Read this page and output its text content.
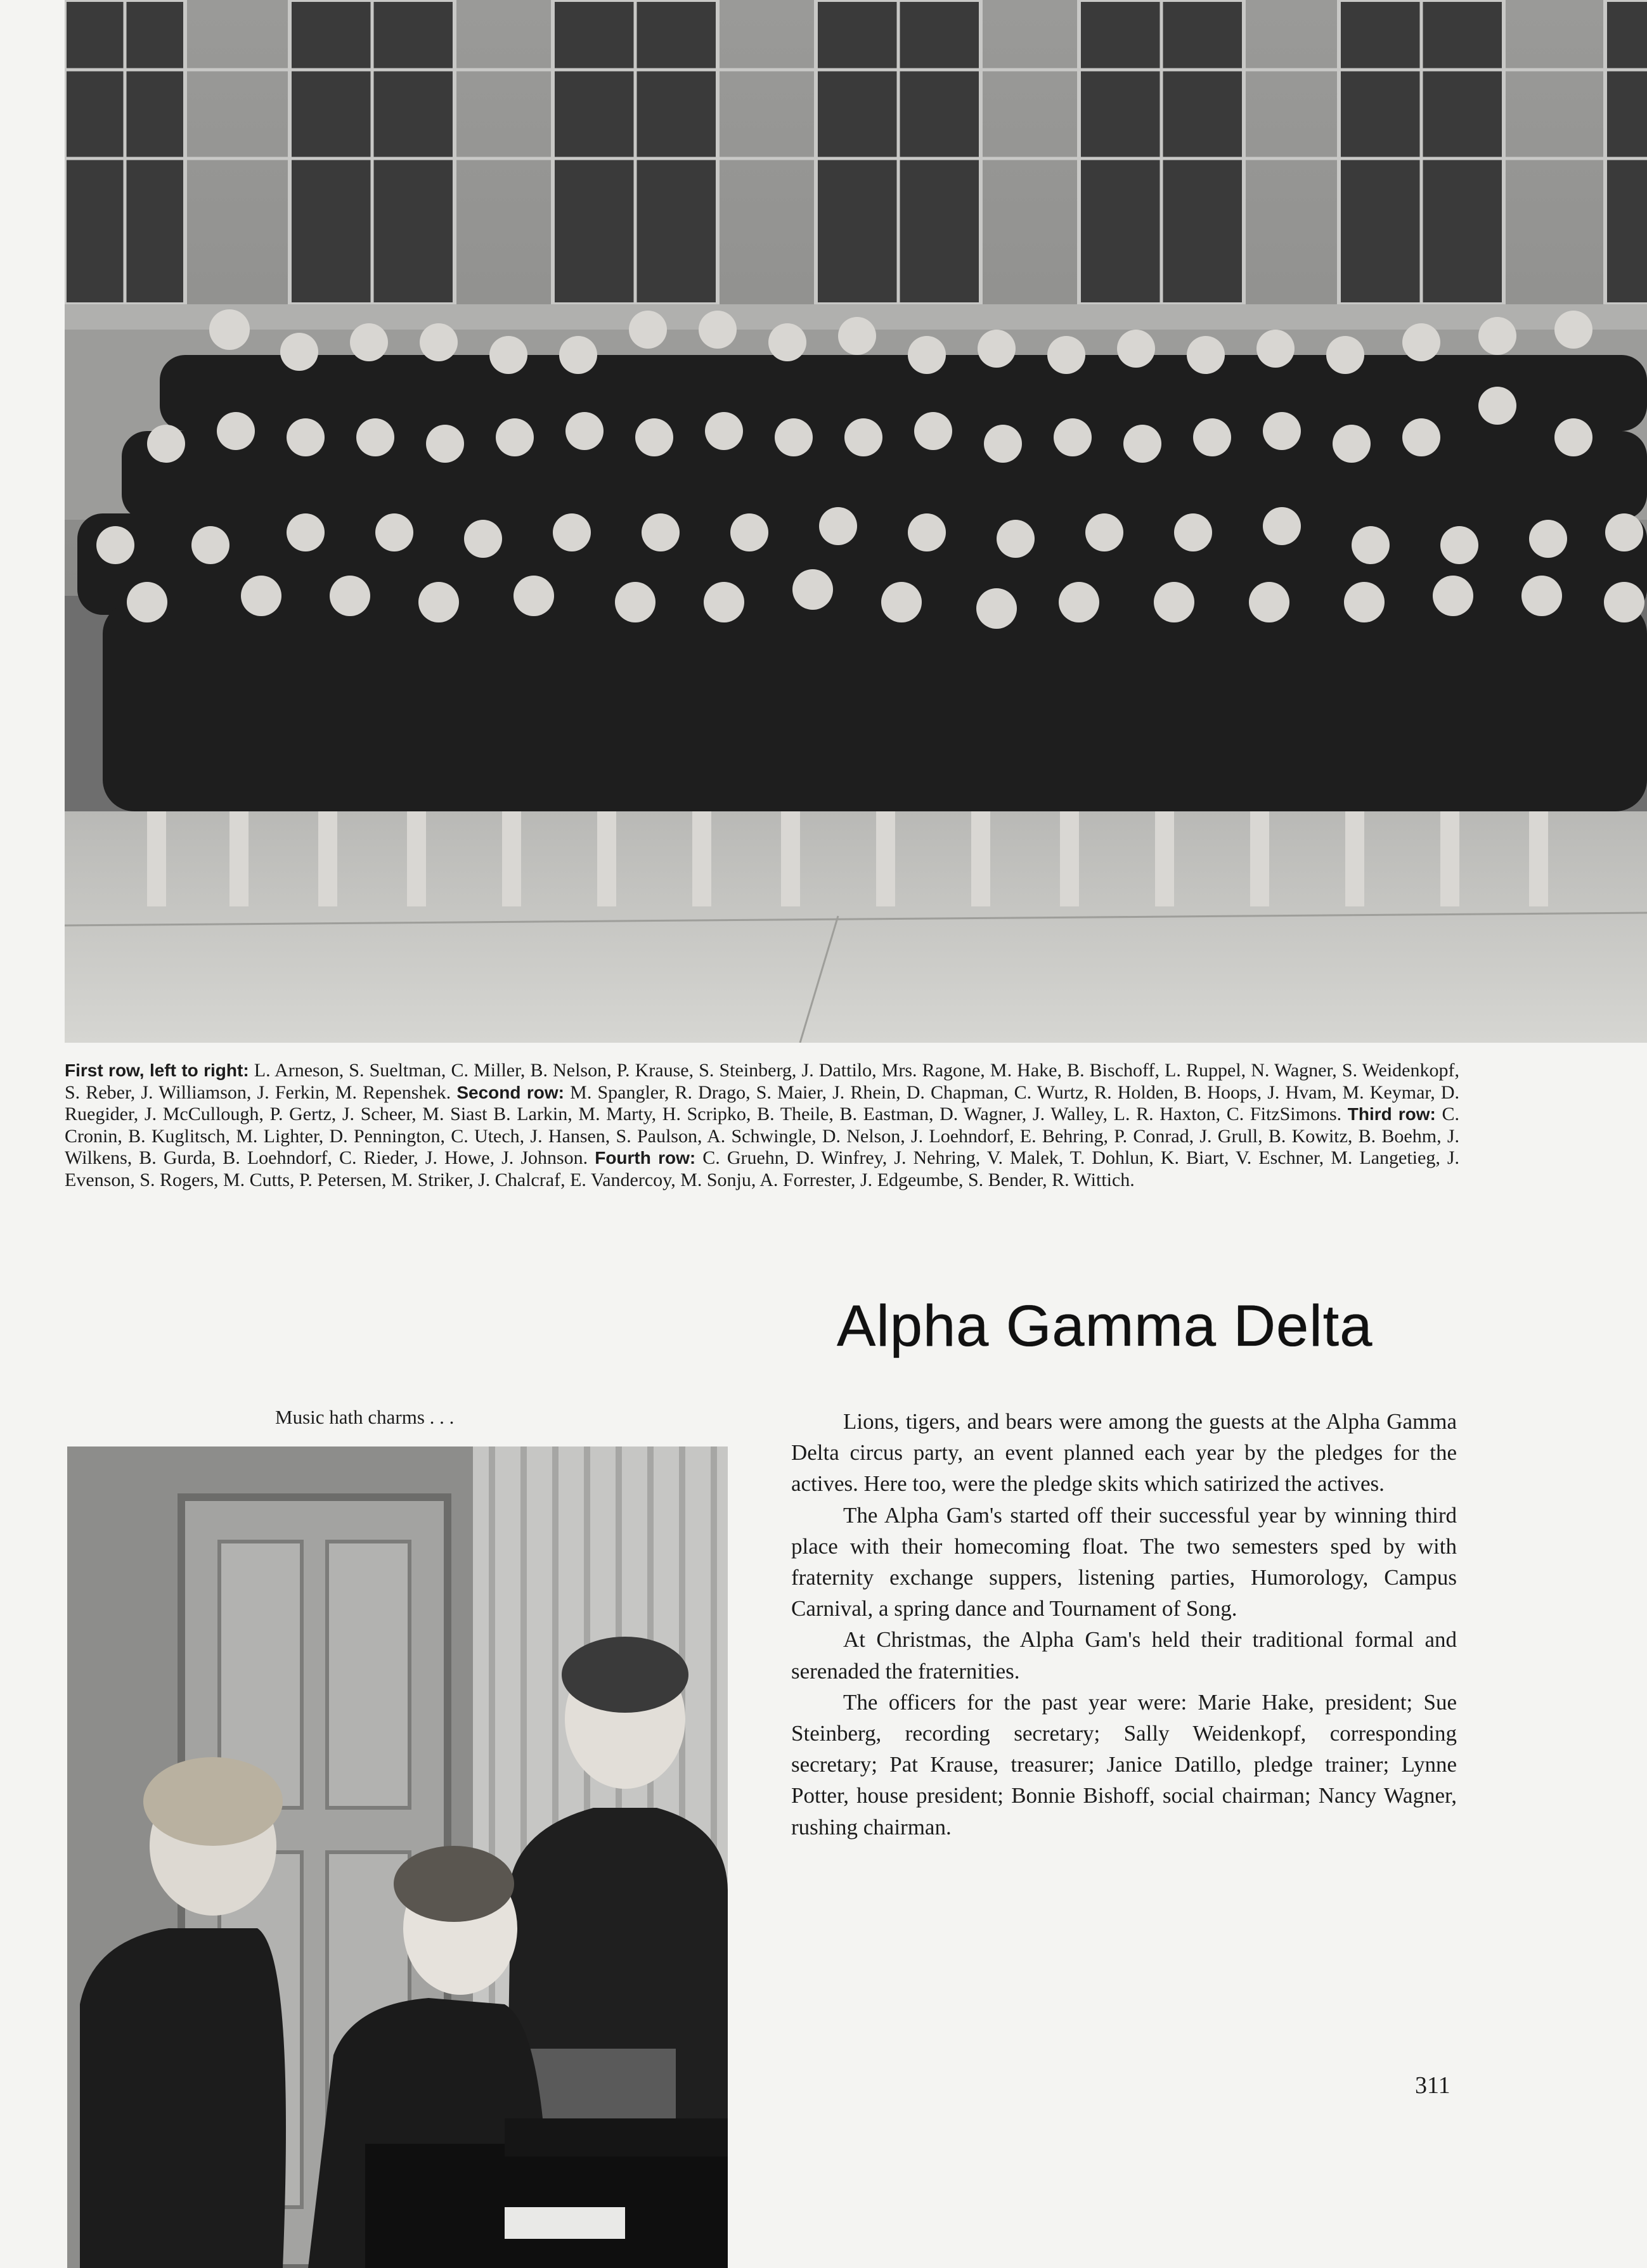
First row, left to right: L. Arneson, S. Sueltman, C. Miller, B. Nelson, P. Krause, S. Steinberg, J. Dattilo, Mrs. Ragone, M. Hake, B. Bischoff, L. Ruppel, N. Wagner, S. Weidenkopf, S. Reber, J. Williamson, J. Ferkin, M. Repenshek. Second row: M. Spangler, R. Drago, S. Maier, J. Rhein, D. Chapman, C. Wurtz, R. Holden, B. Hoops, J. Hvam, M. Keymar, D. Ruegider, J. McCullough, P. Gertz, J. Scheer, M. Siast B. Larkin, M. Marty, H. Scripko, B. Theile, B. Eastman, D. Wagner, J. Walley, L. R. Haxton, C. FitzSimons. Third row: C. Cronin, B. Kuglitsch, M. Lighter, D. Pennington, C. Utech, J. Hansen, S. Paulson, A. Schwingle, D. Nelson, J. Loehndorf, E. Behring, P. Conrad, J. Grull, B. Kowitz, B. Boehm, J. Wilkens, B. Gurda, B. Loehndorf, C. Rieder, J. Howe, J. Johnson. Fourth row: C. Gruehn, D. Winfrey, J. Nehring, V. Malek, T. Dohlun, K. Biart, V. Eschner, M. Langetieg, J. Evenson, S. Rogers, M. Cutts, P. Petersen, M. Striker, J. Chalcraf, E. Vandercoy, M. Sonju, A. Forrester, J. Edgeumbe, S. Bender, R. Wittich.
Alpha Gamma Delta
Music hath charms . . .	Lions, tigers, and bears were among the guests at the Alpha Gamma Delta circus party, an event planned each year by the pledges for the actives. Here too, were the pledge skits which satirized the actives.

The Alpha Gam's started off their successful year by winning third place with their homecoming float. The two semesters sped by with fraternity exchange suppers, listening parties, Humorology, Campus Carnival, a spring dance and Tournament of Song.

At Christmas, the Alpha Gam's held their traditional formal and serenaded the fraternities.

The officers for the past year were: Marie Hake, president; Sue Steinberg, recording secretary; Sally Weidenkopf, corresponding secretary; Pat Krause, treasurer; Janice Datillo, pledge trainer; Lynne Potter, house president; Bonnie Bishoff, social chairman; Nancy Wagner, rushing chairman.

311
